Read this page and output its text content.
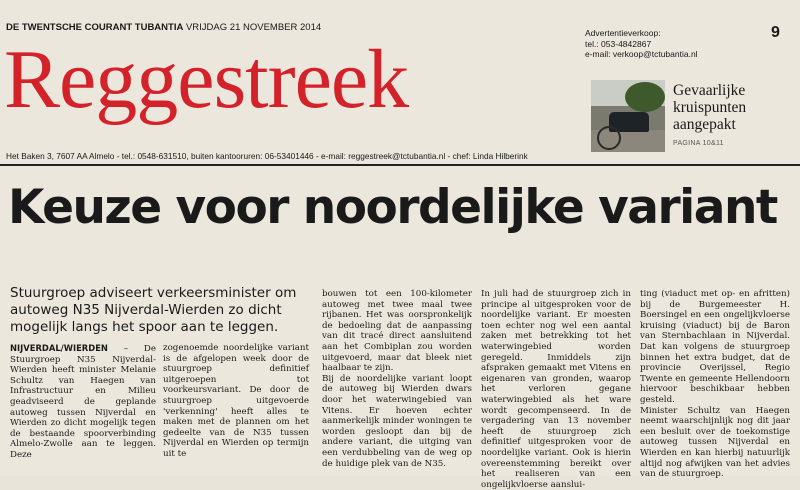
DE TWENTSCHE COURANT TUBANTIA VRIJDAG 21 NOVEMBER 2014	9
Reggestreek	Advertentieverkoop:
tel.: 053-4842867
e-mail: verkoop@tctubantia.nl
Gevaarlijke kruispunten aangepakt
PAGINA 10&11
Het Baken 3, 7607 AA Almelo - tel.: 0548-631510, buiten kantooruren: 06-53401446 - e-mail: reggestreek@tctubantia.nl - chef: Linda Hilberink
Keuze voor noordelijke variant
Stuurgroep adviseert verkeersminister om autoweg N35 Nijverdal-Wierden zo dicht mogelijk langs het spoor aan te leggen.

NIJVERDAL/WIERDEN – De Stuurgroep N35 Nijverdal-Wierden heeft minister Melanie Schultz van Haegen van Infrastructuur en Milieu geadviseerd de geplande autoweg tussen Nijverdal en Wierden zo dicht mogelijk tegen de bestaande spoorverbinding Almelo-Zwolle aan te leggen. Deze

zogenoemde noordelijke variant is de afgelopen week door de stuurgroep definitief uitgeroepen tot voorkeursvariant. De door de stuurgroep uitgevoerde 'verkenning' heeft alles te maken met de plannen om het gedeelte van de N35 tussen Nijverdal en Wierden op termijn uit te

bouwen tot een 100-kilometer autoweg met twee maal twee rijbanen. Het was oorspronkelijk de bedoeling dat de aanpassing van dit tracé direct aansluitend aan het Combiplan zou worden uitgevoerd, maar dat bleek niet haalbaar te zijn.

Bij de noordelijke variant loopt de autoweg bij Wierden dwars door het waterwingebied van Vitens. Er hoeven echter aanmerkelijk minder woningen te worden gesloopt dan bij de andere variant, die uitging van een verdubbeling van de weg op de huidige plek van de N35.

In juli had de stuurgroep zich in principe al uitgesproken voor de noordelijke variant. Er moesten toen echter nog wel een aantal zaken met betrekking tot het waterwingebied worden geregeld. Inmiddels zijn afspraken gemaakt met Vitens en eigenaren van gronden, waarop het verloren gegane waterwingebied als het ware wordt gecompenseerd. In de vergadering van 13 november heeft de stuurgroep zich definitief uitgesproken voor de noordelijke variant. Ook is hierin overeenstemming bereikt over het realiseren van een ongelijkvloerse aanslui-

ting (viaduct met op- en afritten) bij de Burgemeester H. Boersingel en een ongelijkvloerse kruising (viaduct) bij de Baron van Sternbachlaan in Nijverdal. Dat kan volgens de stuurgroep binnen het extra budget, dat de provincie Overijssel, Regio Twente en gemeente Hellendoorn hiervoor beschikbaar hebben gesteld.

Minister Schultz van Haegen neemt waarschijnlijk nog dit jaar een besluit over de toekomstige autoweg tussen Nijverdal en Wierden en kan hierbij natuurlijk altijd nog afwijken van het advies van de stuurgroep.
